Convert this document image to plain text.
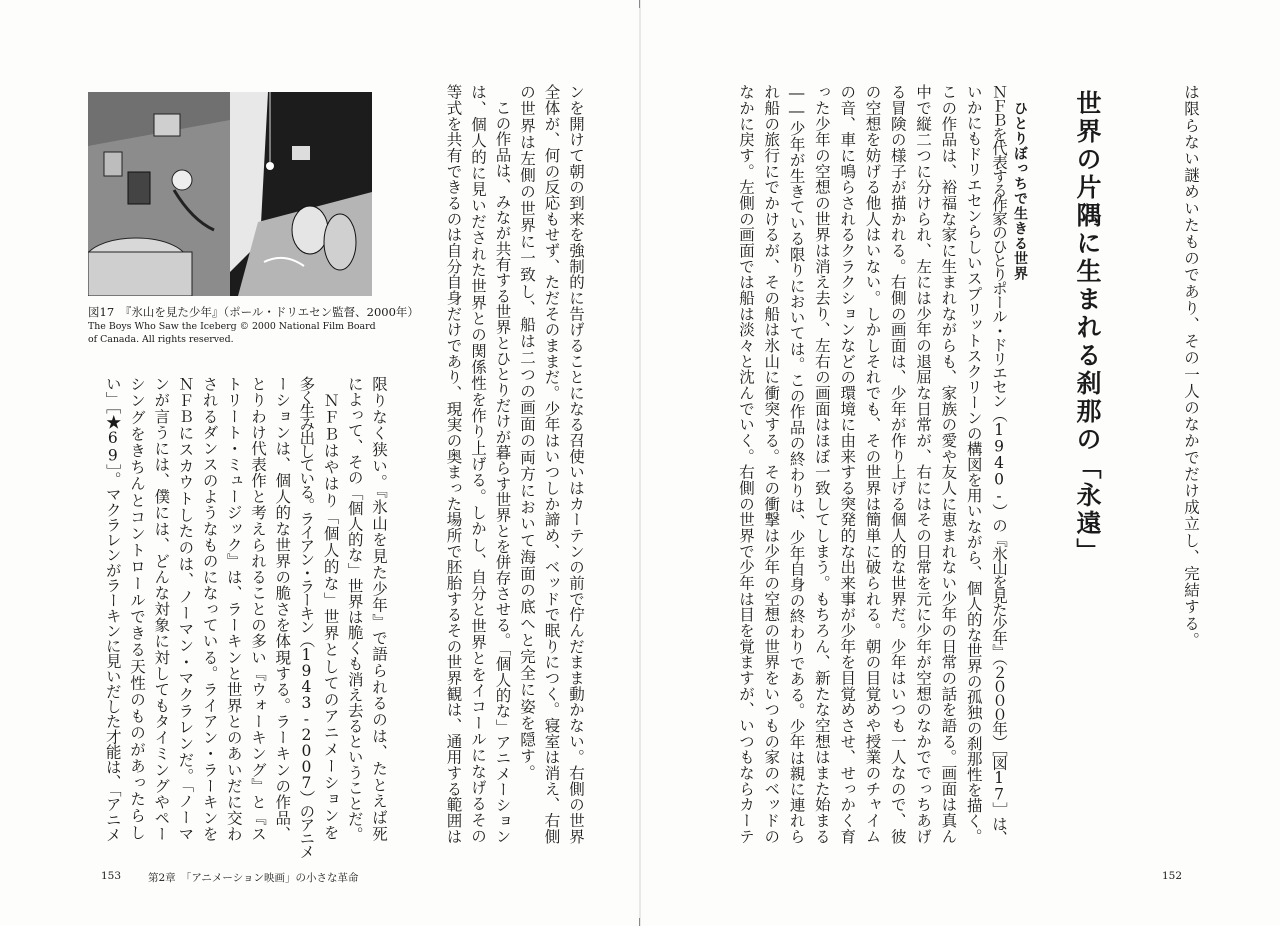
は限らない謎めいたものであり、その一人のなかでだけ成立し、完結する。
世界の片隅に生まれる刹那の「永遠」
ひとりぼっちで生きる世界
ＮＦＢを代表する作家のひとりポール・ドリエセン（1940-）の『氷山を見た少年』（２０００年）［図17］は、
いかにもドリエセンらしいスプリットスクリーンの構図を用いながら、個人的な世界の孤独の刹那性を描く。
この作品は、裕福な家に生まれながらも、家族の愛や友人に恵まれない少年の日常の話を語る。画面は真ん
中で縦二つに分けられ、左には少年の退屈な日常が、右にはその日常を元に少年が空想のなかででっちあげ
る冒険の様子が描かれる。右側の画面は、少年が作り上げる個人的な世界だ。少年はいつも一人なので、彼
の空想を妨げる他人はいない。しかしそれでも、その世界は簡単に破られる。朝の目覚めや授業のチャイム
の音、車に鳴らされるクラクションなどの環境に由来する突発的な出来事が少年を目覚めさせ、せっかく育
った少年の空想の世界は消え去り、左右の画面はほぼ一致してしまう。もちろん、新たな空想はまた始まる
――少年が生きている限りにおいては。この作品の終わりは、少年自身の終わりである。少年は親に連れら
れ船の旅行にでかけるが、その船は氷山に衝突する。その衝撃は少年の空想の世界をいつもの家のベッドの
なかに戻す。左側の画面では船は淡々と沈んでいく。右側の世界で少年は目を覚ますが、いつもならカーテ
152
図17　『氷山を見た少年』（ポール・ドリエセン監督、2000年）
The Boys Who Saw the Iceberg © 2000 National Film Board of Canada. All rights reserved.	ンを開けて朝の到来を強制的に告げることになる召使いはカーテンの前で佇んだまま動かない。右側の世界
全体が、何の反応もせず、ただそのままだ。少年はいつしか諦め、ベッドで眠りにつく。寝室は消え、右側
の世界は左側の世界に一致し、船は二つの画面の両方において海面の底へと完全に姿を隠す。
　この作品は、みなが共有する世界とひとりだけが暮らす世界とを併存させる。「個人的な」アニメーション
は、個人的に見いだされた世界との関係性を作り上げる。しかし、自分と世界とをイコールになげるその
等式を共有できるのは自分自身だけであり、現実の奥まった場所で胚胎するその世界観は、通用する範囲は
限りなく狭い。『氷山を見た少年』で語られるのは、たとえば死
によって、その「個人的な」世界は脆くも消え去るということだ。
　ＮＦＢはやはり「個人的な」世界としてのアニメーションを
多く生み出している。ライアン・ラーキン（1943-2007）のアニメ
ーションは、個人的な世界の脆さを体現する。ラーキンの作品、
とりわけ代表作と考えられることの多い『ウォーキング』と『ス
トリート・ミュージック』は、ラーキンと世界とのあいだに交わ
されるダンスのようなものになっている。ライアン・ラーキンを
ＮＦＢにスカウトしたのは、ノーマン・マクラレンだ。「ノーマ
ンが言うには、僕には、どんな対象に対してもタイミングやペー
シングをきちんとコントロールできる天性のものがあったらし
い」［★69］。マクラレンがラーキンに見いだした才能は、「アニメ
153	第2章　「アニメーション映画」の小さな革命
